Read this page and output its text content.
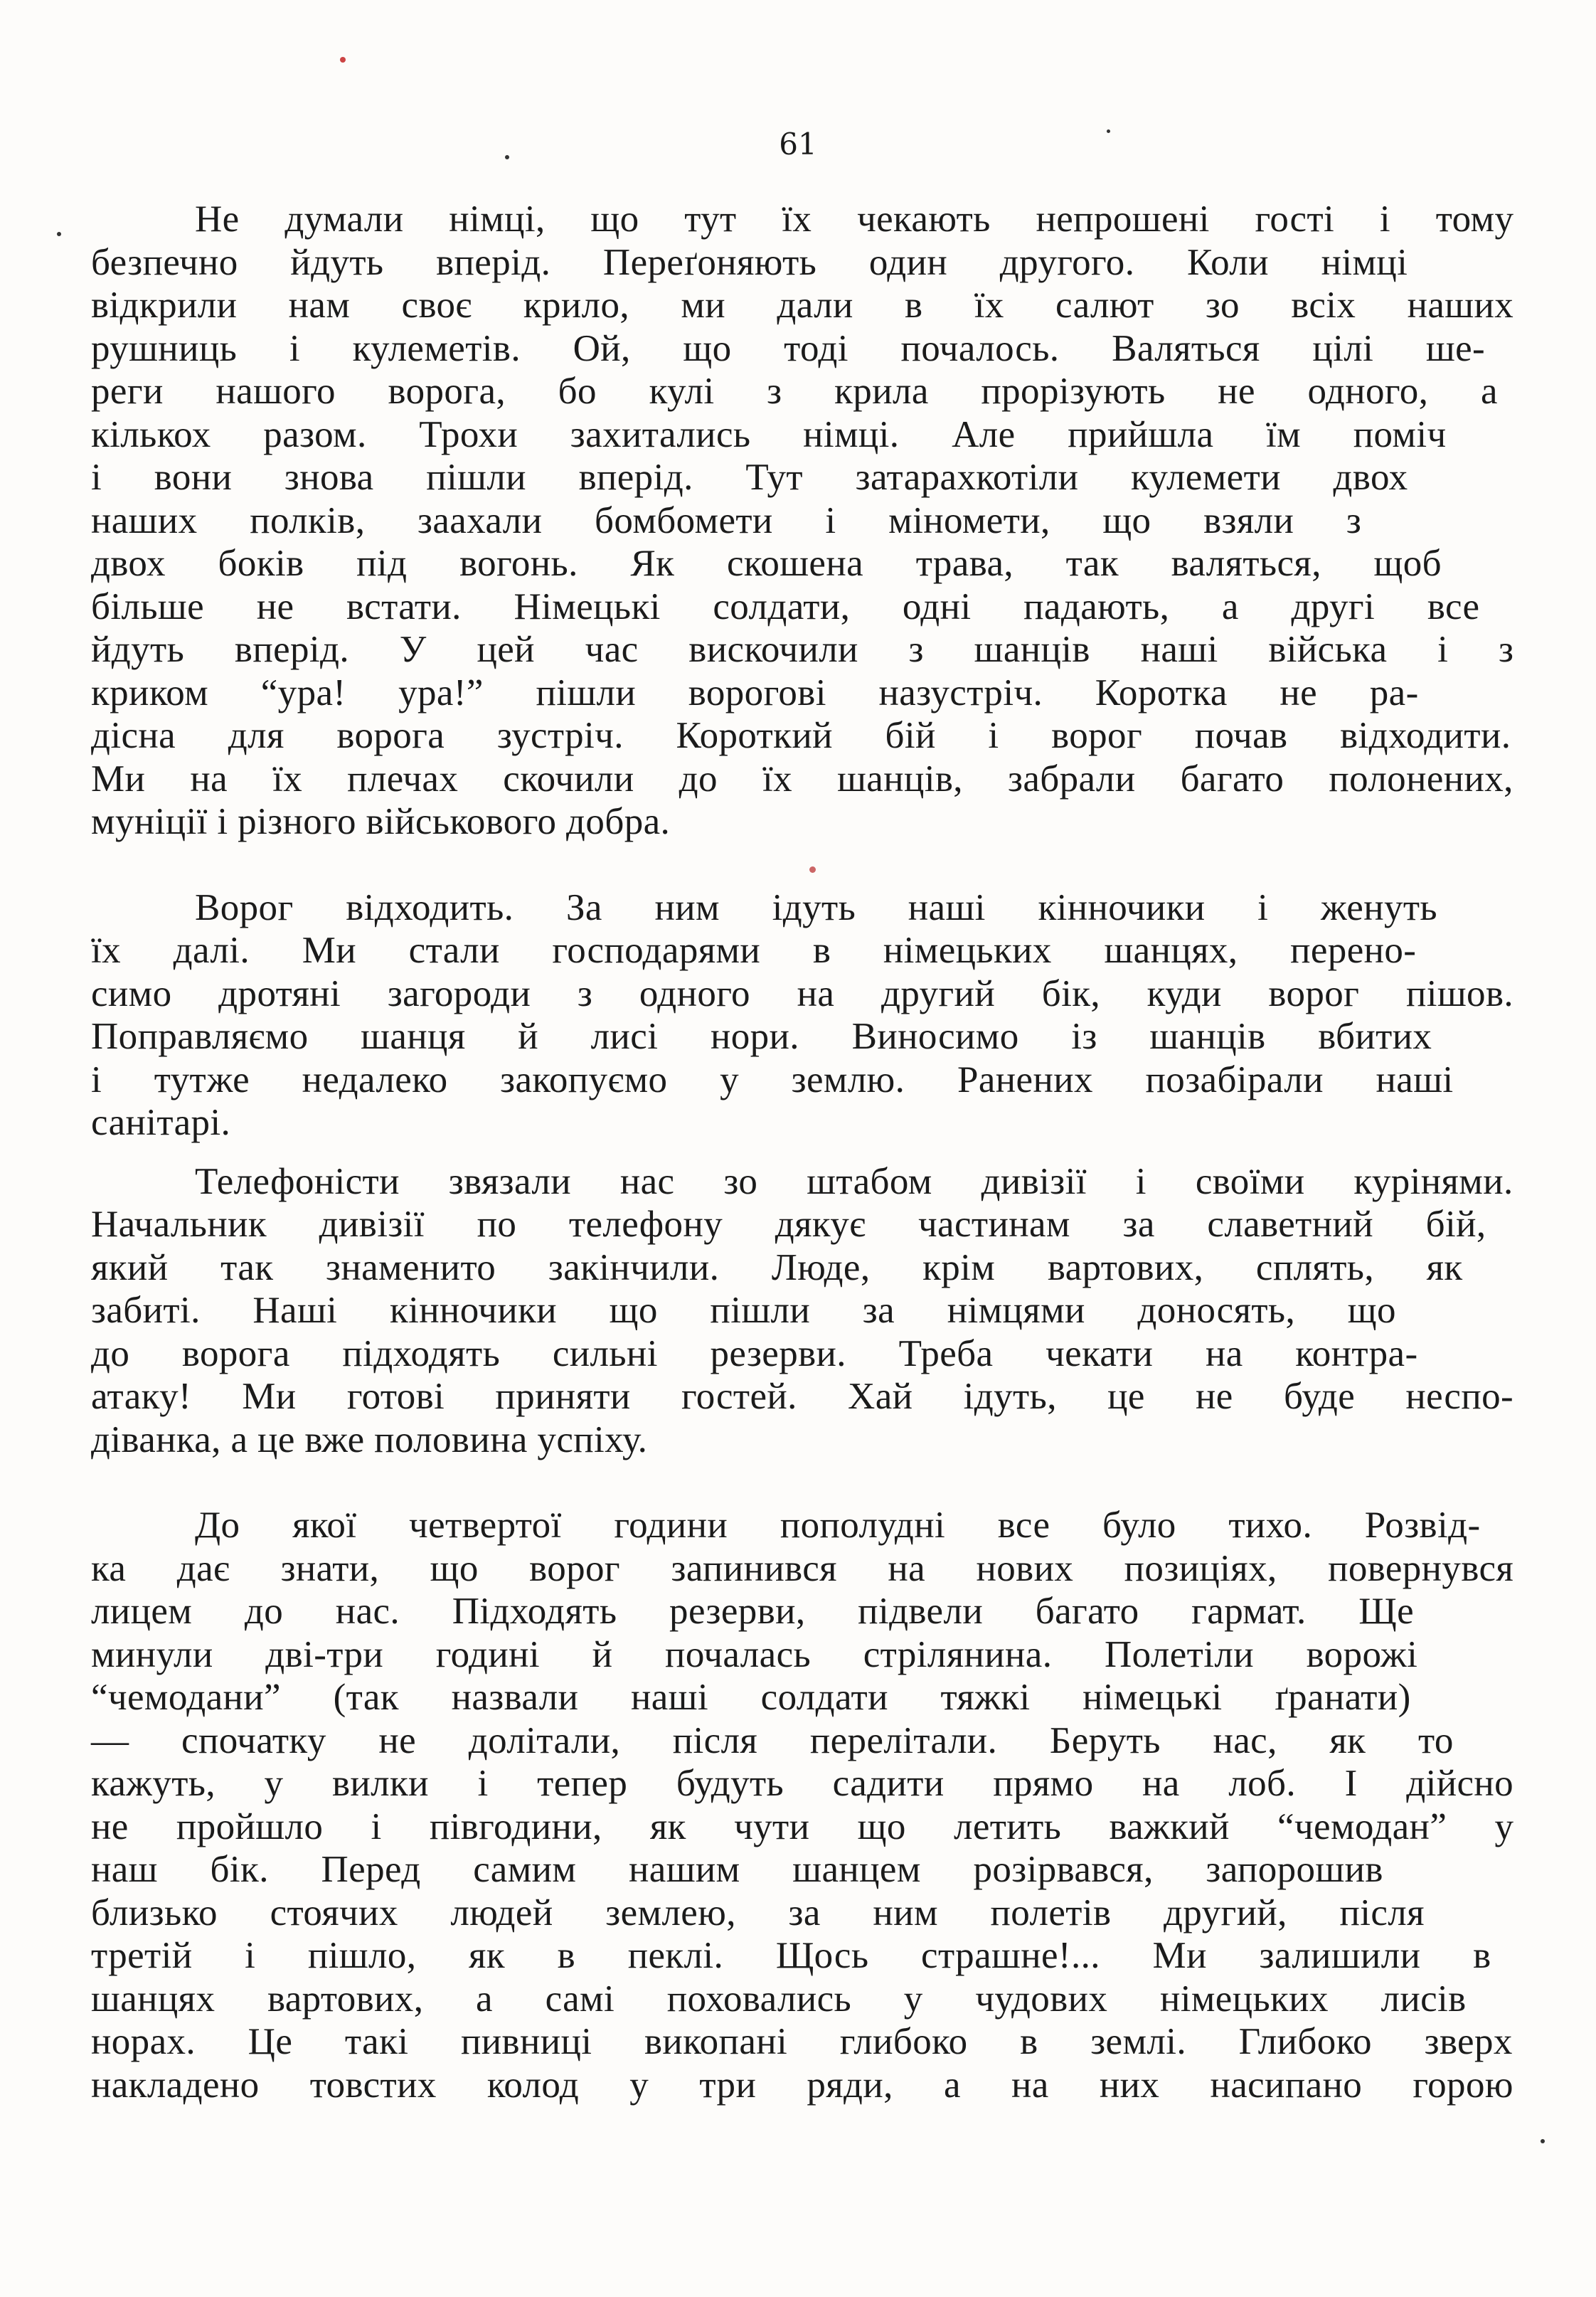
61

Не думали німці, що тут їх чекають непрошені гості і тому
безпечно йдуть вперід. Переґоняють один другого. Коли німці
відкрили нам своє крило, ми дали в їх салют зо всіх наших
рушниць і кулеметів. Ой, що тоді почалось. Валяться цілі ше-
реги нашого ворога, бо кулі з крила прорізують не одного, а
кількох разом. Трохи захитались німці. Але прийшла їм поміч
і вони знова пішли вперід. Тут затарахкотіли кулемети двох
наших полків, заахали бомбомети і міномети, що взяли з
двох боків під вогонь. Як скошена трава, так валяться, щоб
більше не встати. Німецькі солдати, одні падають, а другі все
йдуть вперід. У цей час вискочили з шанців наші війська і з
криком “ура! ура!” пішли ворогові назустріч. Коротка не ра-
дісна для ворога зустріч. Короткий бій і ворог почав відходити.
Ми на їх плечах скочили до їх шанців, забрали багато полонених,
муніції і різного військового добра.

Ворог відходить. За ним ідуть наші кінночики і женуть
їх далі. Ми стали господарями в німецьких шанцях, перено-
симо дротяні загороди з одного на другий бік, куди ворог пішов.
Поправляємо шанця й лисі нори. Виносимо із шанців вбитих
і тутже недалеко закопуємо у землю. Ранених позабірали наші
санітарі.

Телефоністи звязали нас зо штабом дивізії і своїми курінями.
Начальник дивізії по телефону дякує частинам за славетний бій,
який так знаменито закінчили. Люде, крім вартових, сплять, як
забиті. Наші кінночики що пішли за німцями доносять, що
до ворога підходять сильні резерви. Треба чекати на контра-
атаку! Ми готові приняти гостей. Хай ідуть, це не буде неспо-
діванка, а це вже половина успіху.

До якої четвертої години пополудні все було тихо. Розвід-
ка дає знати, що ворог запинився на нових позиціях, повернувся
лицем до нас. Підходять резерви, підвели багато гармат. Ще
минули дві-три годині й почалась стрілянина. Полетіли ворожі
“чемодани” (так назвали наші солдати тяжкі німецькі ґранати)
— спочатку не долітали, після перелітали. Беруть нас, як то
кажуть, у вилки і тепер будуть садити прямо на лоб. І дійсно
не пройшло і півгодини, як чути що летить важкий “чемодан” у
наш бік. Перед самим нашим шанцем розірвався, запорошив
близько стоячих людей землею, за ним полетів другий, після
третій і пішло, як в пеклі. Щось страшне!... Ми залишили в
шанцях вартових, а самі поховались у чудових німецьких лисів
норах. Це такі пивниці викопані глибоко в землі. Глибоко зверх
накладено товстих колод у три ряди, а на них насипано горою
